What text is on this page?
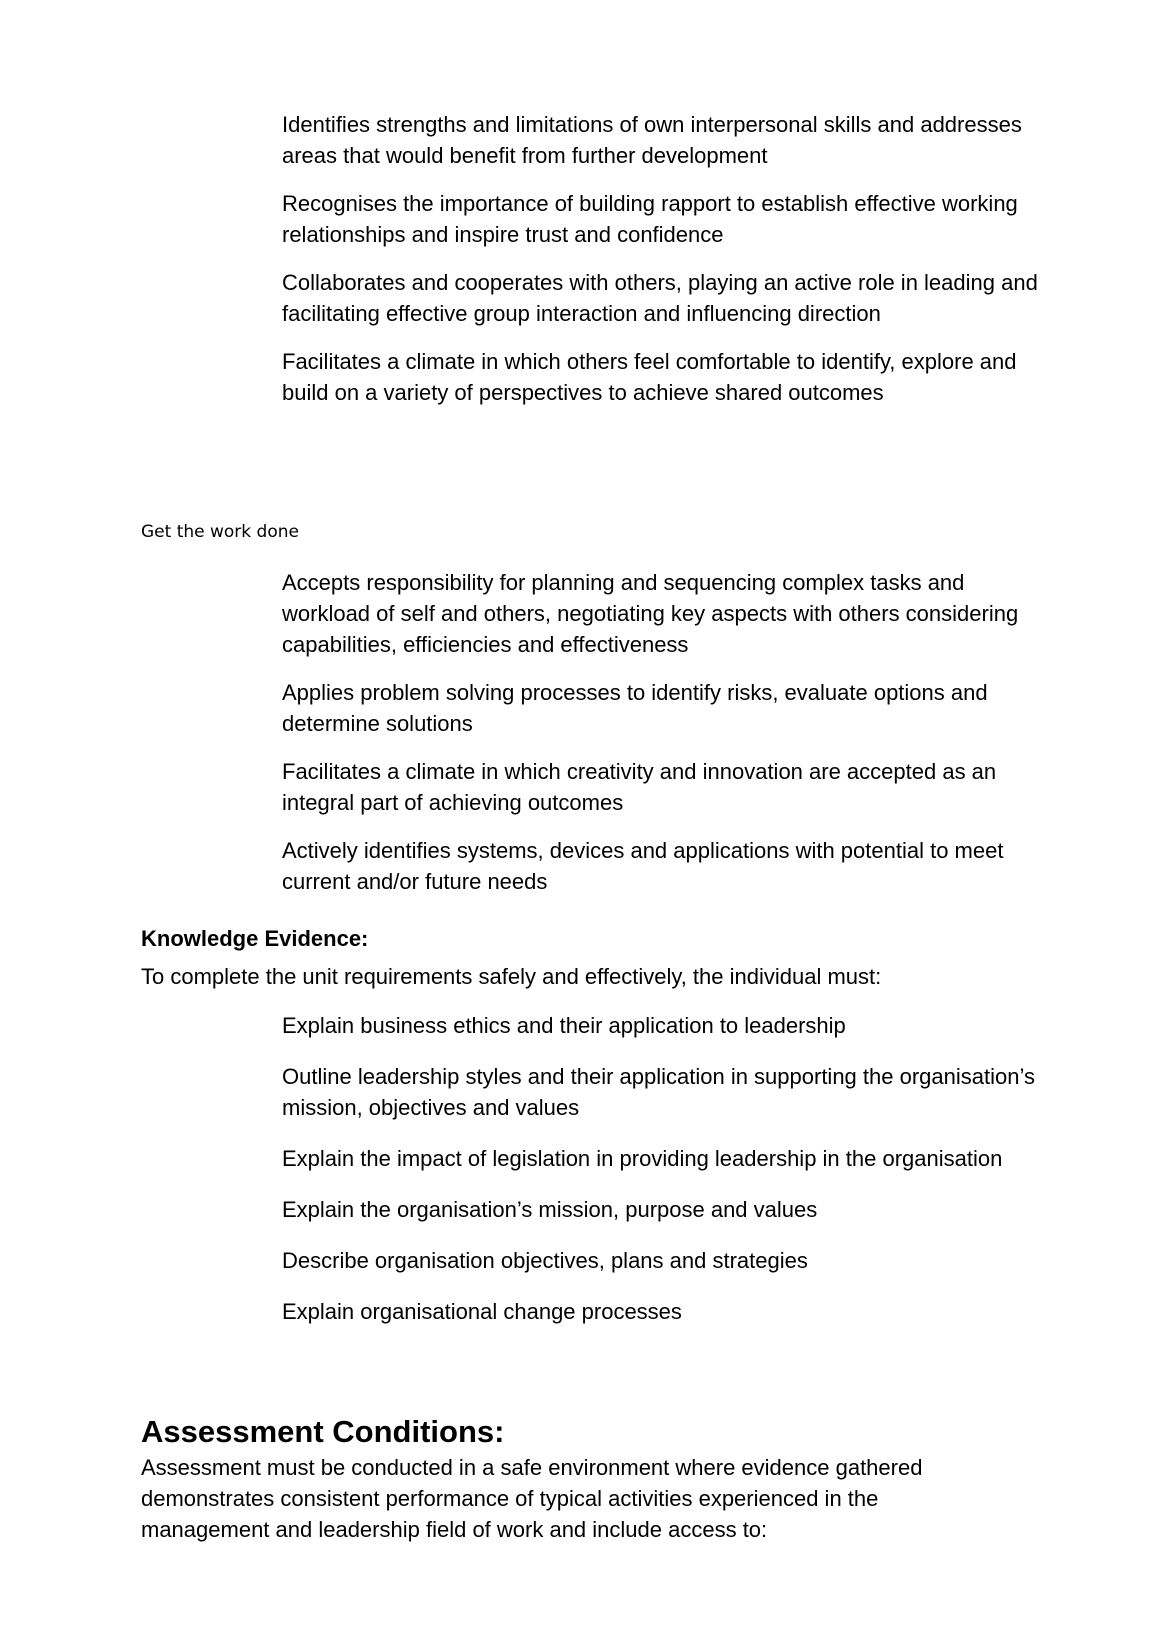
Identifies strengths and limitations of own interpersonal skills and addresses areas that would benefit from further development

Recognises the importance of building rapport to establish effective working relationships and inspire trust and confidence

Collaborates and cooperates with others, playing an active role in leading and facilitating effective group interaction and influencing direction

Facilitates a climate in which others feel comfortable to identify, explore and build on a variety of perspectives to achieve shared outcomes

Get the work done

Accepts responsibility for planning and sequencing complex tasks and workload of self and others, negotiating key aspects with others considering capabilities, efficiencies and effectiveness

Applies problem solving processes to identify risks, evaluate options and determine solutions

Facilitates a climate in which creativity and innovation are accepted as an integral part of achieving outcomes

Actively identifies systems, devices and applications with potential to meet current and/or future needs

Knowledge Evidence:

To complete the unit requirements safely and effectively, the individual must:

Explain business ethics and their application to leadership

Outline leadership styles and their application in supporting the organisation’s mission, objectives and values

Explain the impact of legislation in providing leadership in the organisation

Explain the organisation’s mission, purpose and values

Describe organisation objectives, plans and strategies

Explain organisational change processes

Assessment Conditions:

Assessment must be conducted in a safe environment where evidence gathered demonstrates consistent performance of typical activities experienced in the management and leadership field of work and include access to:
